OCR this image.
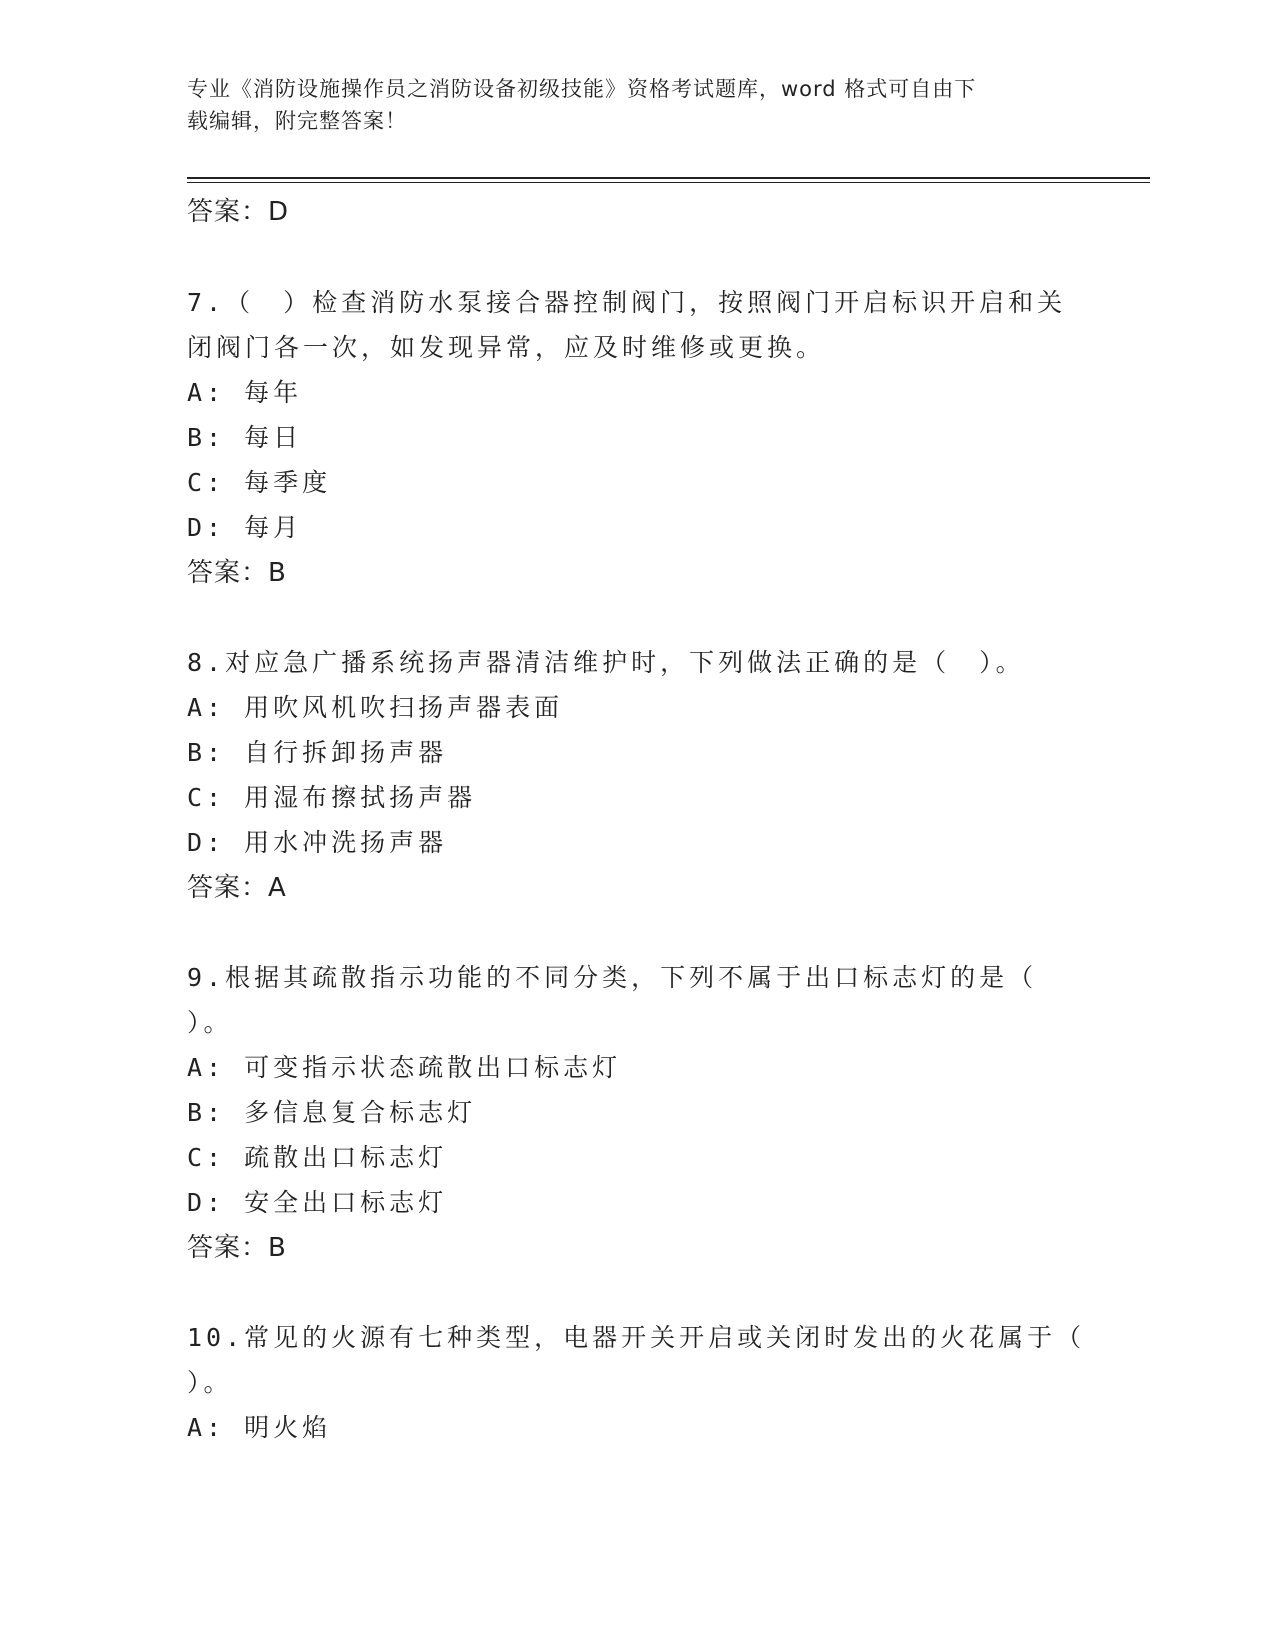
专业《消防设施操作员之消防设备初级技能》资格考试题库，word 格式可自由下
载编辑，附完整答案！
答案：D
7.（　）检查消防水泵接合器控制阀门，按照阀门开启标识开启和关
闭阀门各一次，如发现异常，应及时维修或更换。
A: 每年
B: 每日
C: 每季度
D: 每月
答案：B
8.对应急广播系统扬声器清洁维护时，下列做法正确的是（　）。
A: 用吹风机吹扫扬声器表面
B: 自行拆卸扬声器
C: 用湿布擦拭扬声器
D: 用水冲洗扬声器
答案：A
9.根据其疏散指示功能的不同分类，下列不属于出口标志灯的是（
）。
A: 可变指示状态疏散出口标志灯
B: 多信息复合标志灯
C: 疏散出口标志灯
D: 安全出口标志灯
答案：B
10.常见的火源有七种类型，电器开关开启或关闭时发出的火花属于（
）。
A: 明火焰
